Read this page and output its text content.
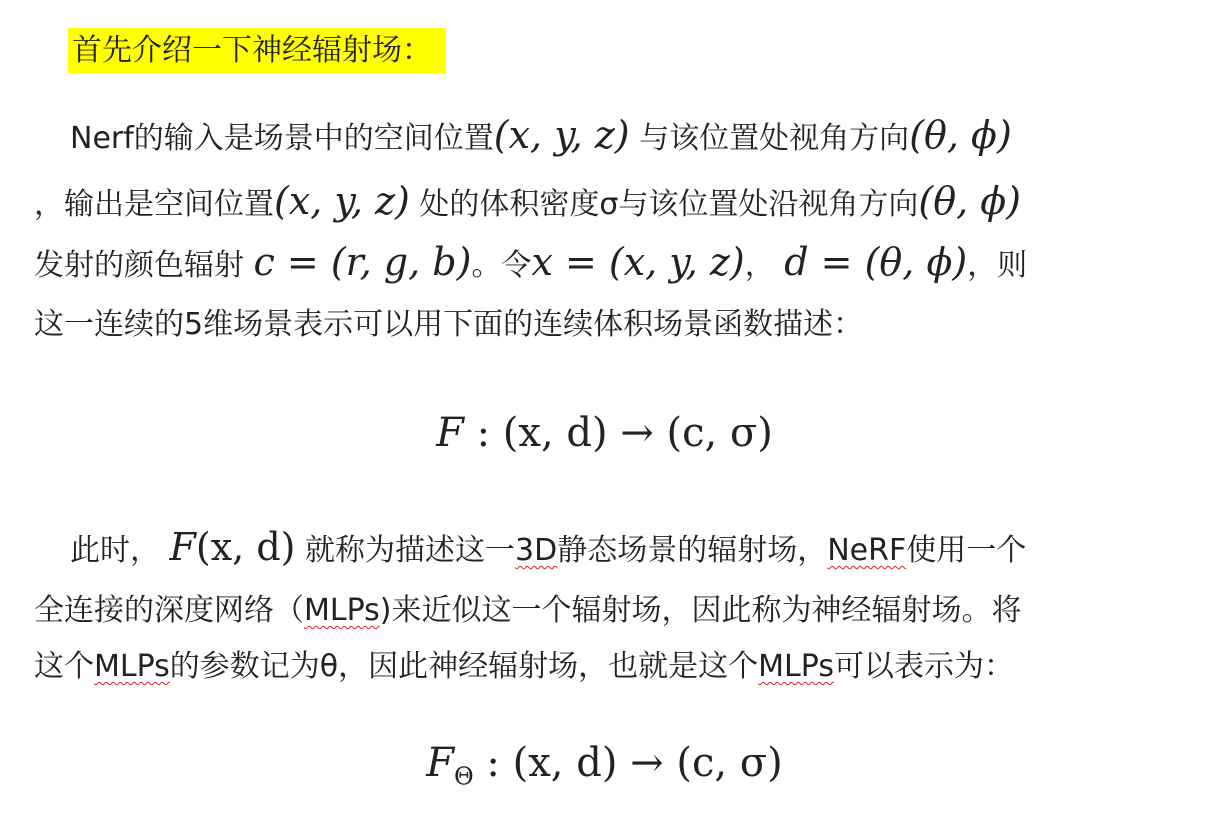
首先介绍一下神经辐射场：
Nerf的输入是场景中的空间位置(x, y, z) 与该位置处视角方向(θ, ϕ)
，输出是空间位置(x, y, z) 处的体积密度σ与该位置处沿视角方向(θ, ϕ)
发射的颜色辐射 c = (r, g, b)。令x = (x, y, z)， d = (θ, ϕ)，则
这一连续的5维场景表示可以用下面的连续体积场景函数描述：
F : (x, d) → (c, σ)
此时， F(x, d) 就称为描述这一3D静态场景的辐射场，NeRF使用一个
全连接的深度网络（MLPs)来近似这一个辐射场，因此称为神经辐射场。将
这个MLPs的参数记为θ，因此神经辐射场，也就是这个MLPs可以表示为：
$F_\Theta$ : (x, d) → (c, σ)
